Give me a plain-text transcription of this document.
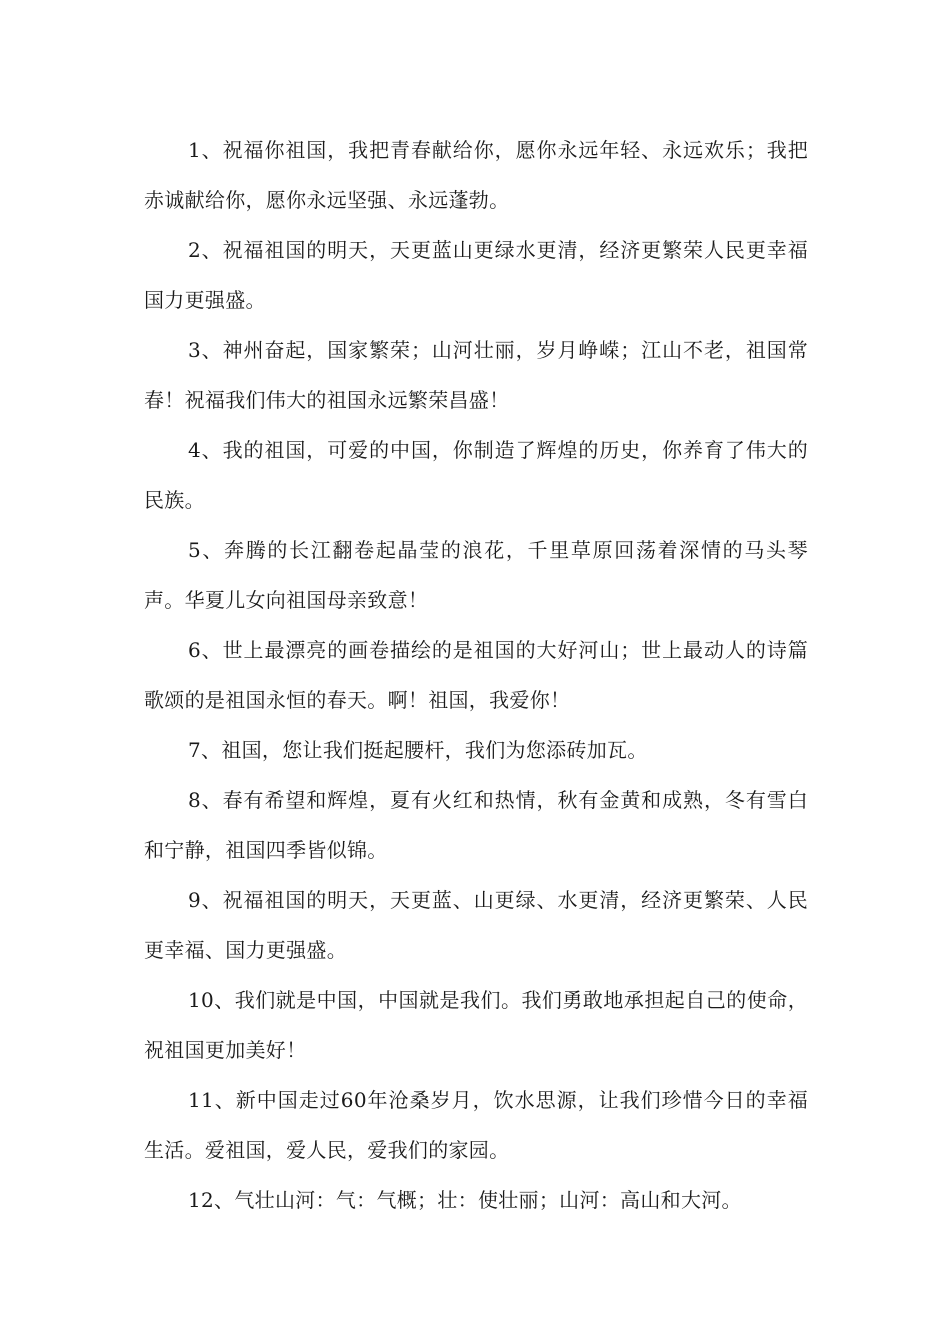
1、祝福你祖国，我把青春献给你，愿你永远年轻、永远欢乐；我把赤诚献给你，愿你永远坚强、永远蓬勃。

2、祝福祖国的明天，天更蓝山更绿水更清，经济更繁荣人民更幸福国力更强盛。

3、神州奋起，国家繁荣；山河壮丽，岁月峥嵘；江山不老，祖国常春！祝福我们伟大的祖国永远繁荣昌盛！

4、我的祖国，可爱的中国，你制造了辉煌的历史，你养育了伟大的民族。

5、奔腾的长江翻卷起晶莹的浪花，千里草原回荡着深情的马头琴声。华夏儿女向祖国母亲致意！

6、世上最漂亮的画卷描绘的是祖国的大好河山；世上最动人的诗篇歌颂的是祖国永恒的春天。啊！祖国，我爱你！

7、祖国，您让我们挺起腰杆，我们为您添砖加瓦。

8、春有希望和辉煌，夏有火红和热情，秋有金黄和成熟，冬有雪白和宁静，祖国四季皆似锦。

9、祝福祖国的明天，天更蓝、山更绿、水更清，经济更繁荣、人民更幸福、国力更强盛。

10、我们就是中国，中国就是我们。我们勇敢地承担起自己的使命，祝祖国更加美好！

11、新中国走过60年沧桑岁月，饮水思源，让我们珍惜今日的幸福生活。爱祖国，爱人民，爱我们的家园。

12、气壮山河：气：气概；壮：使壮丽；山河：高山和大河。
